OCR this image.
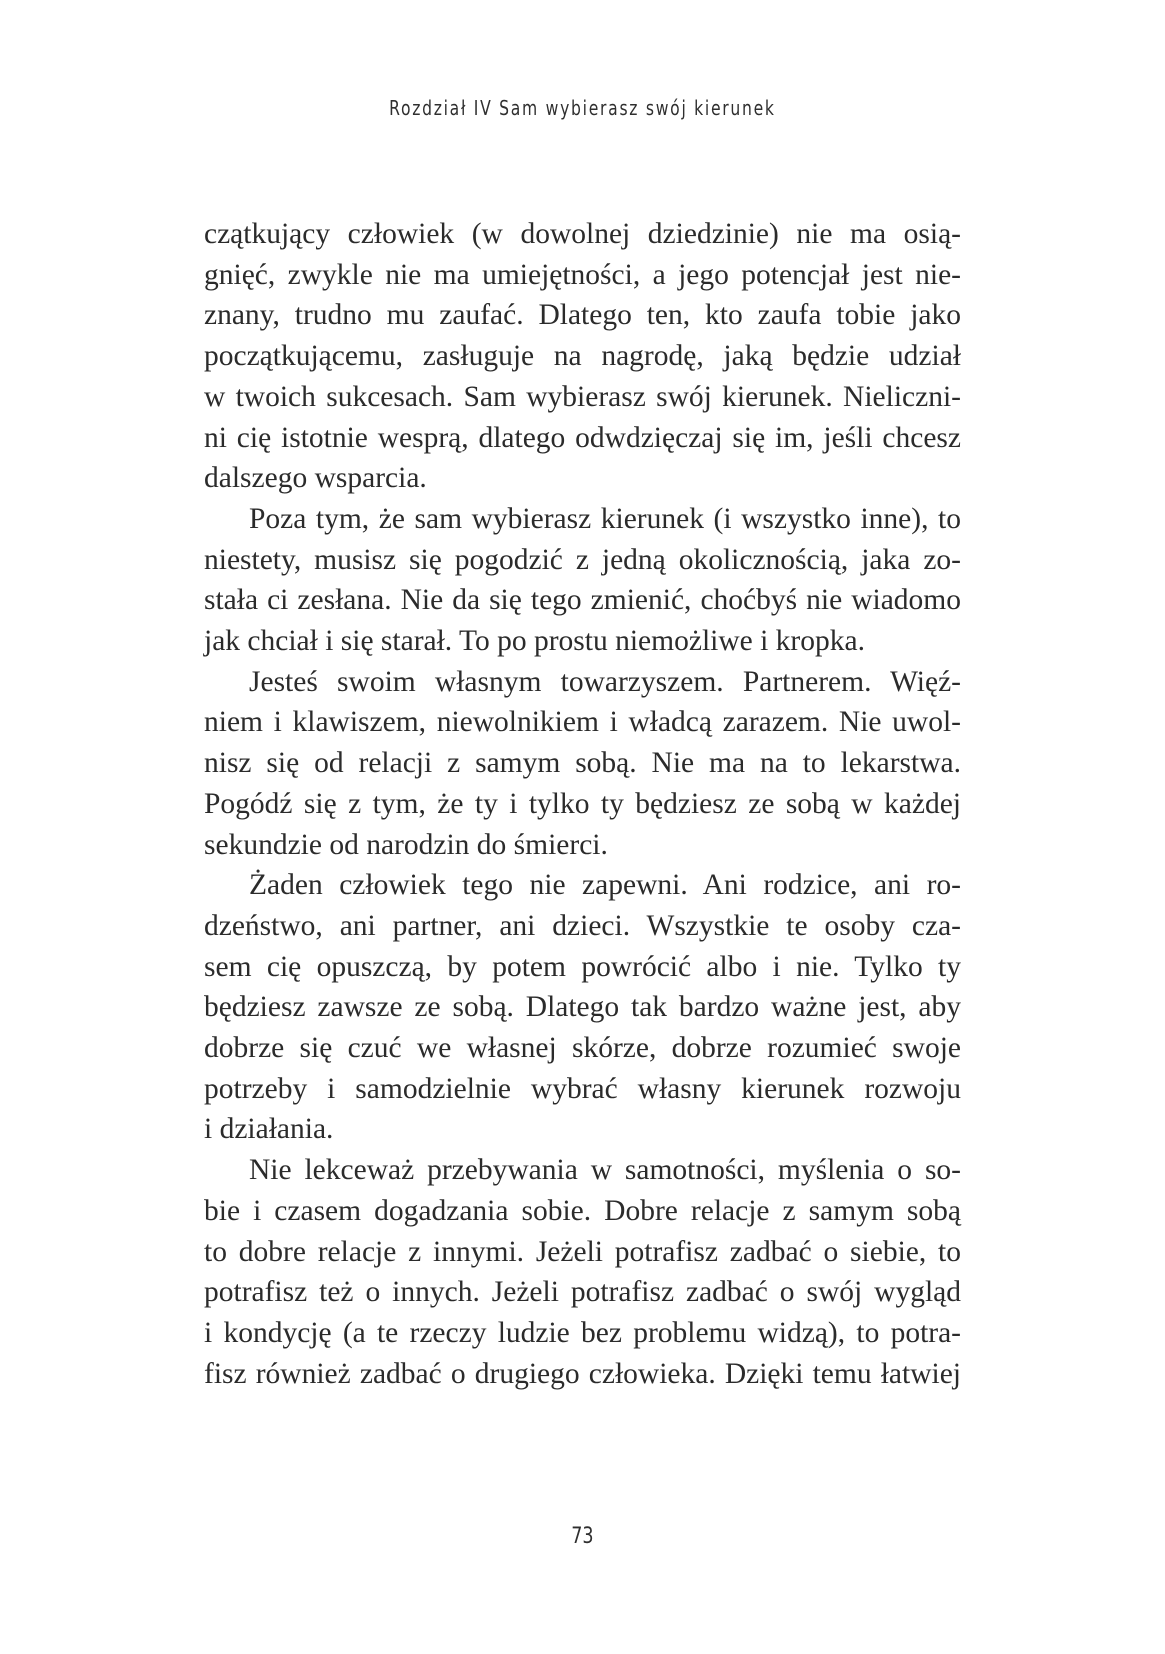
Rozdział IV Sam wybierasz swój kierunek
czątkujący człowiek (w dowolnej dziedzinie) nie ma osią-
gnięć, zwykle nie ma umiejętności, a jego potencjał jest nie-
znany, trudno mu zaufać. Dlatego ten, kto zaufa tobie jako
początkującemu, zasługuje na nagrodę, jaką będzie udział
w twoich sukcesach. Sam wybierasz swój kierunek. Nieliczni-
ni cię istotnie wesprą, dlatego odwdzięczaj się im, jeśli chcesz
dalszego wsparcia.
Poza tym, że sam wybierasz kierunek (i wszystko inne), to
niestety, musisz się pogodzić z jedną okolicznością, jaka zo-
stała ci zesłana. Nie da się tego zmienić, choćbyś nie wiadomo
jak chciał i się starał. To po prostu niemożliwe i kropka.
Jesteś swoim własnym towarzyszem. Partnerem. Więź-
niem i klawiszem, niewolnikiem i władcą zarazem. Nie uwol-
nisz się od relacji z samym sobą. Nie ma na to lekarstwa.
Pogódź się z tym, że ty i tylko ty będziesz ze sobą w każdej
sekundzie od narodzin do śmierci.
Żaden człowiek tego nie zapewni. Ani rodzice, ani ro-
dzeństwo, ani partner, ani dzieci. Wszystkie te osoby cza-
sem cię opuszczą, by potem powrócić albo i nie. Tylko ty
będziesz zawsze ze sobą. Dlatego tak bardzo ważne jest, aby
dobrze się czuć we własnej skórze, dobrze rozumieć swoje
potrzeby i samodzielnie wybrać własny kierunek rozwoju
i działania.
Nie lekceważ przebywania w samotności, myślenia o so-
bie i czasem dogadzania sobie. Dobre relacje z samym sobą
to dobre relacje z innymi. Jeżeli potrafisz zadbać o siebie, to
potrafisz też o innych. Jeżeli potrafisz zadbać o swój wygląd
i kondycję (a te rzeczy ludzie bez problemu widzą), to potra-
fisz również zadbać o drugiego człowieka. Dzięki temu łatwiej
73
